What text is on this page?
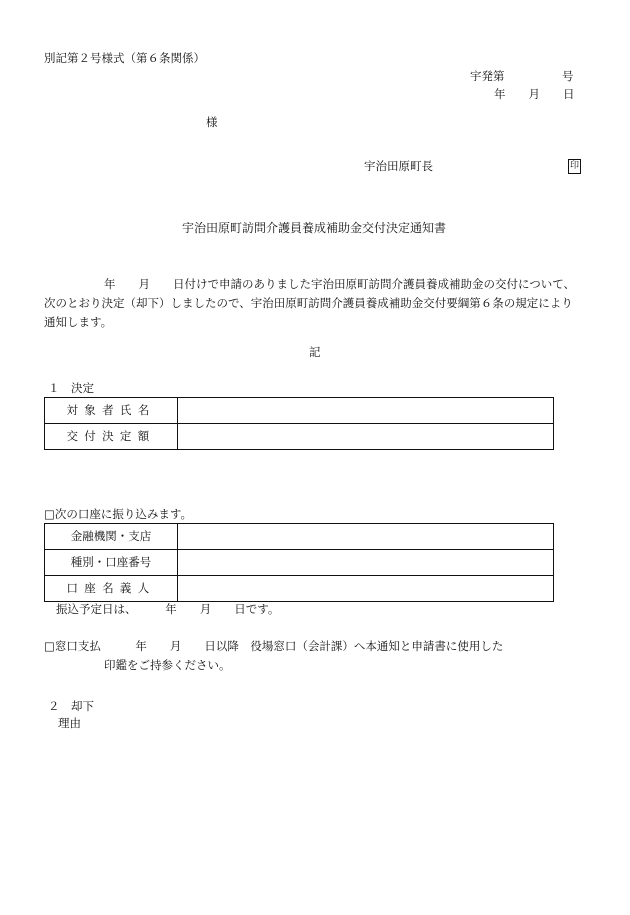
別記第２号様式（第６条関係）
宇発第　　　　　号
年　　月　　日
様
宇治田原町長	印
宇治田原町訪問介護員養成補助金交付決定通知書
年　　月　　日付けで申請のありました宇治田原町訪問介護員養成補助金の交付について、
次のとおり決定（却下）しましたので、宇治田原町訪問介護員養成補助金交付要綱第６条の規定により
通知します。
記
１　決定
対象者氏名	
交付決定額	
□次の口座に振り込みます。
金融機関・支店	
種別・口座番号	
口座名義人	
振込予定日は、　　　年　　月　　日です。
□窓口支払　　　年　　月　　日以降　役場窓口（会計課）へ本通知と申請書に使用した
印鑑をご持参ください。
２　却下
理由
